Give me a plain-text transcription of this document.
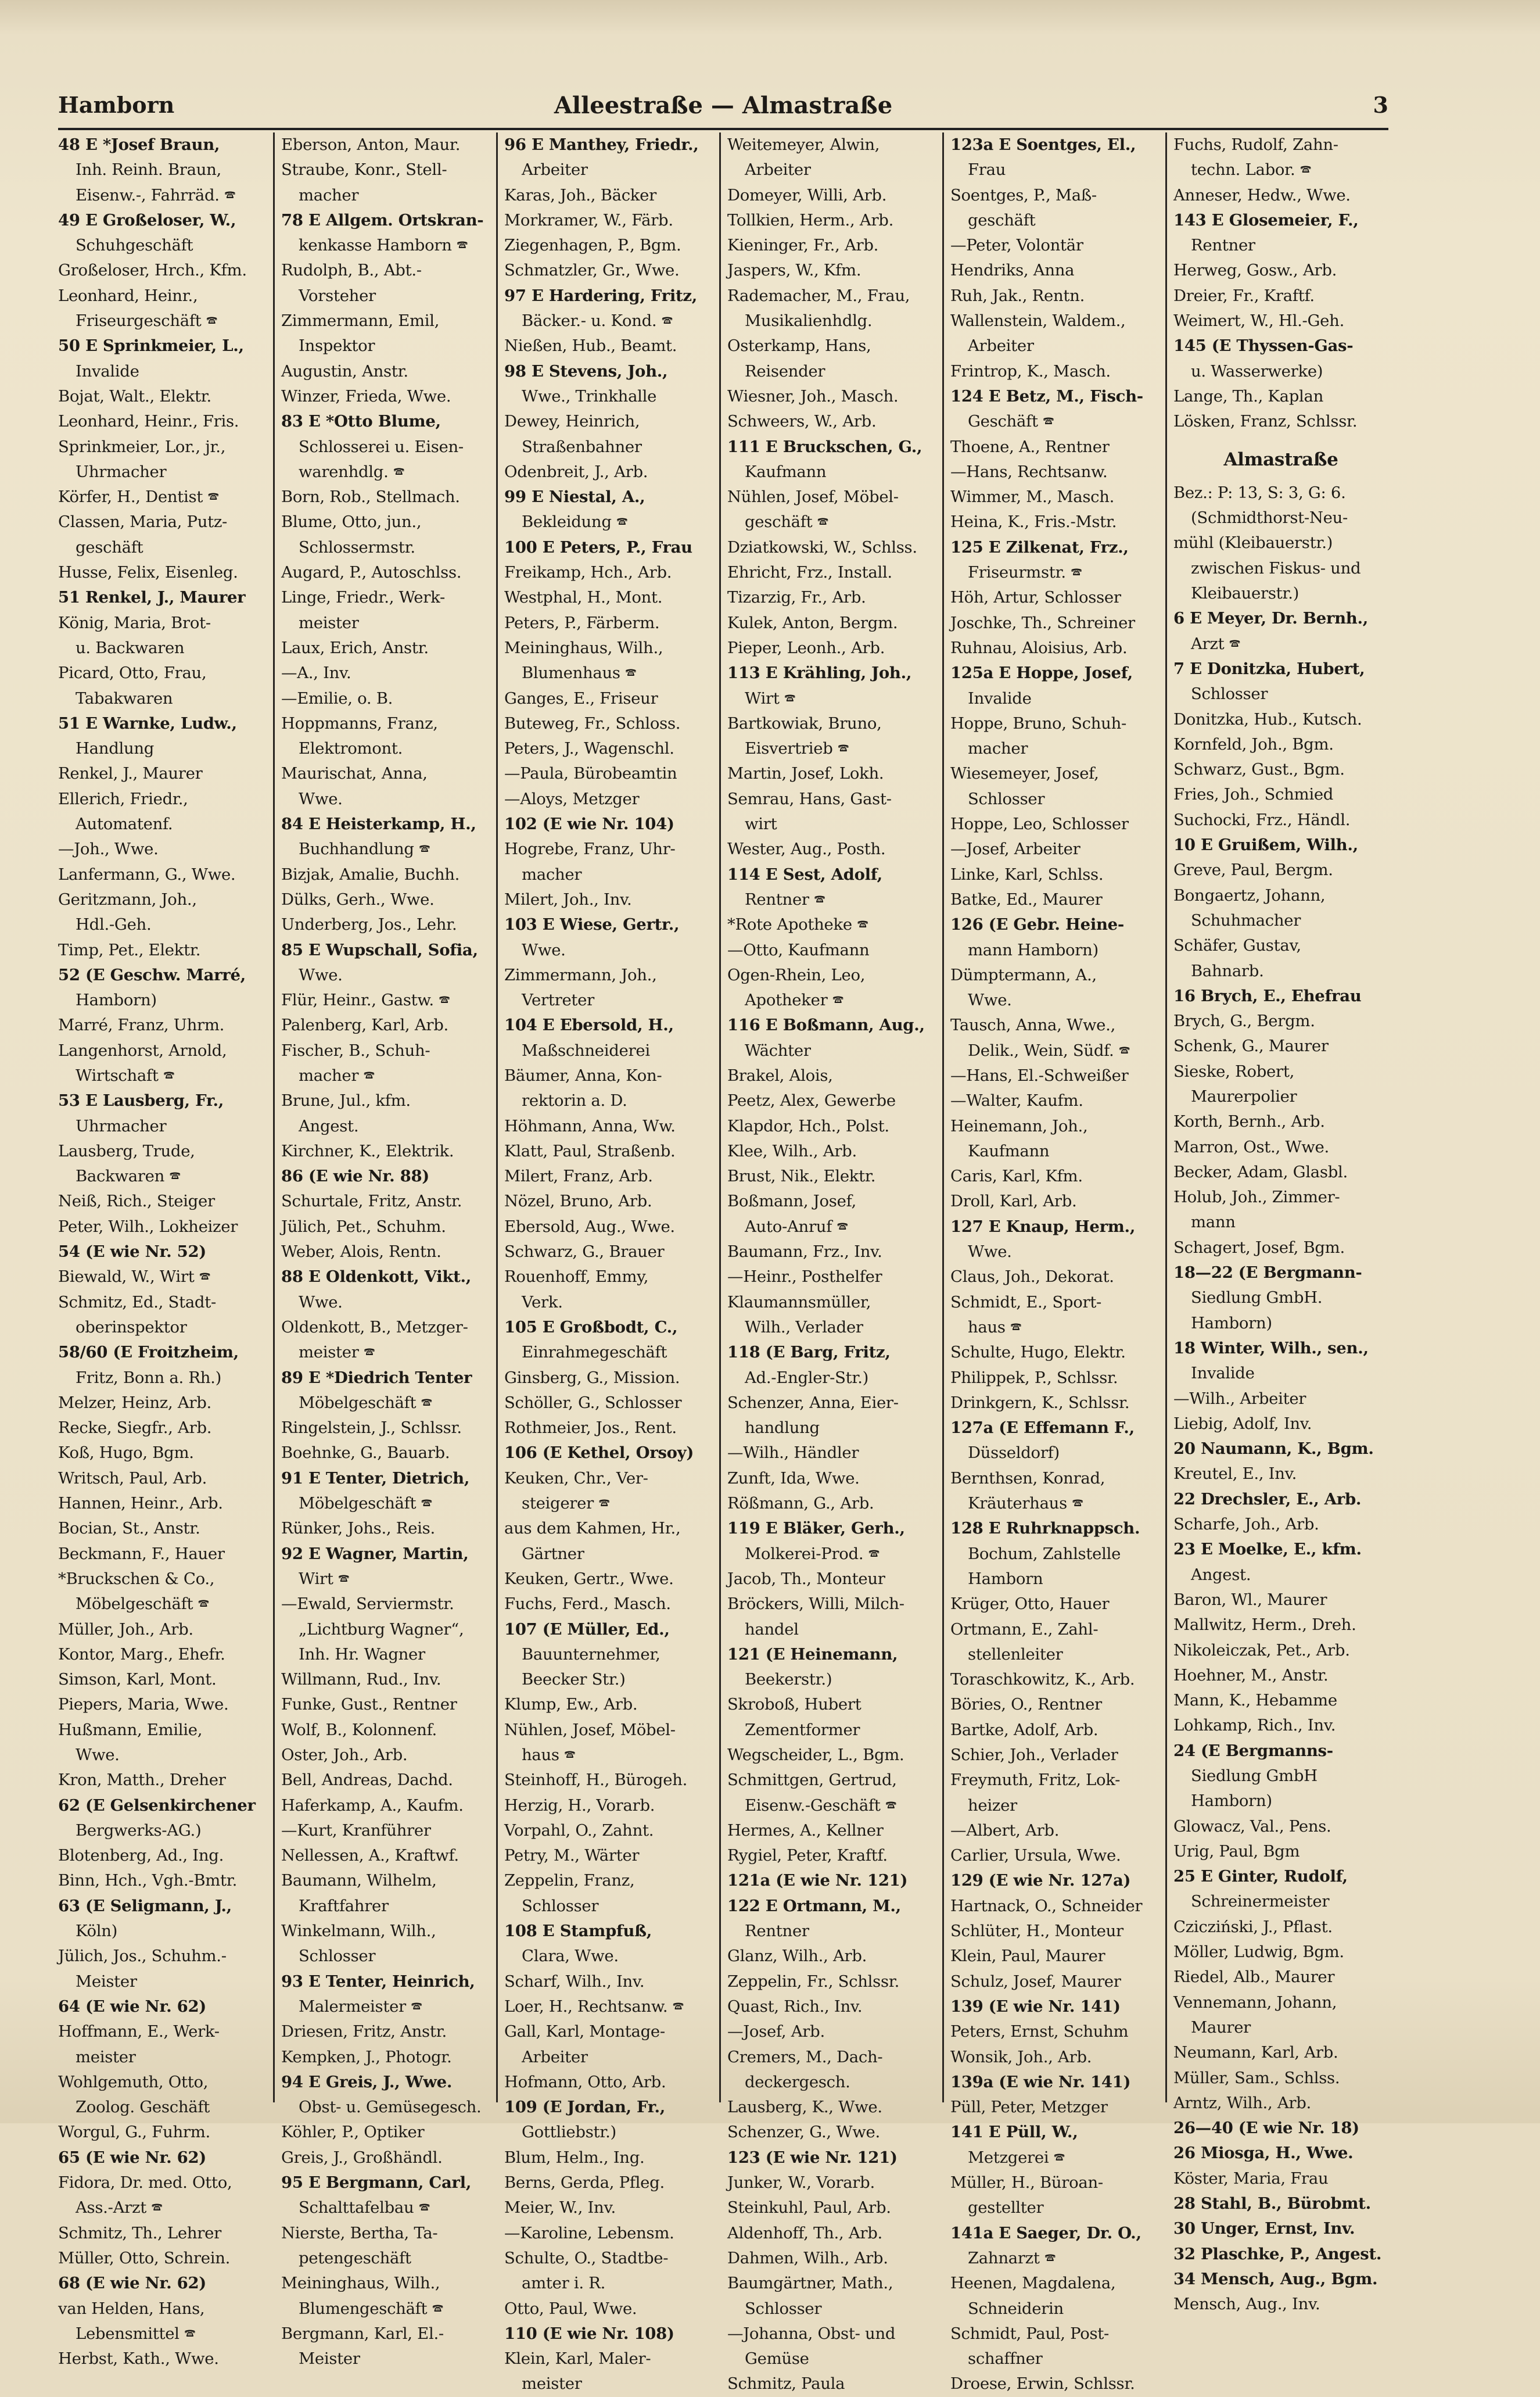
Hamborn	Alleestraße — Almastraße	3
48 E *Josef Braun,
Inh. Reinh. Braun,
Eisenw.-, Fahrräd. 🕿
49 E Großeloser, W.,
Schuhgeschäft
Großeloser, Hrch., Kfm.
Leonhard, Heinr.,
Friseurgeschäft 🕿
50 E Sprinkmeier, L.,
Invalide
Bojat, Walt., Elektr.
Leonhard, Heinr., Fris.
Sprinkmeier, Lor., jr.,
Uhrmacher
Körfer, H., Dentist 🕿
Classen, Maria, Putz-
geschäft
Husse, Felix, Eisenleg.
51 Renkel, J., Maurer
König, Maria, Brot-
u. Backwaren
Picard, Otto, Frau,
Tabakwaren
51 E Warnke, Ludw.,
Handlung
Renkel, J., Maurer
Ellerich, Friedr.,
Automatenf.
—Joh., Wwe.
Lanfermann, G., Wwe.
Geritzmann, Joh.,
Hdl.-Geh.
Timp, Pet., Elektr.
52 (E Geschw. Marré,
Hamborn)
Marré, Franz, Uhrm.
Langenhorst, Arnold,
Wirtschaft 🕿
53 E Lausberg, Fr.,
Uhrmacher
Lausberg, Trude,
Backwaren 🕿
Neiß, Rich., Steiger
Peter, Wilh., Lokheizer
54 (E wie Nr. 52)
Biewald, W., Wirt 🕿
Schmitz, Ed., Stadt-
oberinspektor
58/60 (E Froitzheim,
Fritz, Bonn a. Rh.)
Melzer, Heinz, Arb.
Recke, Siegfr., Arb.
Koß, Hugo, Bgm.
Writsch, Paul, Arb.
Hannen, Heinr., Arb.
Bocian, St., Anstr.
Beckmann, F., Hauer
*Bruckschen & Co.,
Möbelgeschäft 🕿
Müller, Joh., Arb.
Kontor, Marg., Ehefr.
Simson, Karl, Mont.
Piepers, Maria, Wwe.
Hußmann, Emilie,
Wwe.
Kron, Matth., Dreher
62 (E Gelsenkirchener
Bergwerks-AG.)
Blotenberg, Ad., Ing.
Binn, Hch., Vgh.-Bmtr.
63 (E Seligmann, J.,
Köln)
Jülich, Jos., Schuhm.-
Meister
64 (E wie Nr. 62)
Hoffmann, E., Werk-
meister
Wohlgemuth, Otto,
Zoolog. Geschäft
Worgul, G., Fuhrm.
65 (E wie Nr. 62)
Fidora, Dr. med. Otto,
Ass.-Arzt 🕿
Schmitz, Th., Lehrer
Müller, Otto, Schrein.
68 (E wie Nr. 62)
van Helden, Hans,
Lebensmittel 🕿
Herbst, Kath., Wwe.
Eberson, Anton, Maur.
Straube, Konr., Stell-
macher
78 E Allgem. Ortskran-
kenkasse Hamborn 🕿
Rudolph, B., Abt.-
Vorsteher
Zimmermann, Emil,
Inspektor
Augustin, Anstr.
Winzer, Frieda, Wwe.
83 E *Otto Blume,
Schlosserei u. Eisen-
warenhdlg. 🕿
Born, Rob., Stellmach.
Blume, Otto, jun.,
Schlossermstr.
Augard, P., Autoschlss.
Linge, Friedr., Werk-
meister
Laux, Erich, Anstr.
—A., Inv.
—Emilie, o. B.
Hoppmanns, Franz,
Elektromont.
Maurischat, Anna,
Wwe.
84 E Heisterkamp, H.,
Buchhandlung 🕿
Bizjak, Amalie, Buchh.
Dülks, Gerh., Wwe.
Underberg, Jos., Lehr.
85 E Wupschall, Sofia,
Wwe.
Flür, Heinr., Gastw. 🕿
Palenberg, Karl, Arb.
Fischer, B., Schuh-
macher 🕿
Brune, Jul., kfm.
Angest.
Kirchner, K., Elektrik.
86 (E wie Nr. 88)
Schurtale, Fritz, Anstr.
Jülich, Pet., Schuhm.
Weber, Alois, Rentn.
88 E Oldenkott, Vikt.,
Wwe.
Oldenkott, B., Metzger-
meister 🕿
89 E *Diedrich Tenter
Möbelgeschäft 🕿
Ringelstein, J., Schlssr.
Boehnke, G., Bauarb.
91 E Tenter, Dietrich,
Möbelgeschäft 🕿
Rünker, Johs., Reis.
92 E Wagner, Martin,
Wirt 🕿
—Ewald, Serviermstr.
„Lichtburg Wagner“,
Inh. Hr. Wagner
Willmann, Rud., Inv.
Funke, Gust., Rentner
Wolf, B., Kolonnenf.
Oster, Joh., Arb.
Bell, Andreas, Dachd.
Haferkamp, A., Kaufm.
—Kurt, Kranführer
Nellessen, A., Kraftwf.
Baumann, Wilhelm,
Kraftfahrer
Winkelmann, Wilh.,
Schlosser
93 E Tenter, Heinrich,
Malermeister 🕿
Driesen, Fritz, Anstr.
Kempken, J., Photogr.
94 E Greis, J., Wwe.
Obst- u. Gemüsegesch.
Köhler, P., Optiker
Greis, J., Großhändl.
95 E Bergmann, Carl,
Schalttafelbau 🕿
Nierste, Bertha, Ta-
petengeschäft
Meininghaus, Wilh.,
Blumengeschäft 🕿
Bergmann, Karl, El.-
Meister
96 E Manthey, Friedr.,
Arbeiter
Karas, Joh., Bäcker
Morkramer, W., Färb.
Ziegenhagen, P., Bgm.
Schmatzler, Gr., Wwe.
97 E Hardering, Fritz,
Bäcker.- u. Kond. 🕿
Nießen, Hub., Beamt.
98 E Stevens, Joh.,
Wwe., Trinkhalle
Dewey, Heinrich,
Straßenbahner
Odenbreit, J., Arb.
99 E Niestal, A.,
Bekleidung 🕿
100 E Peters, P., Frau
Freikamp, Hch., Arb.
Westphal, H., Mont.
Peters, P., Färberm.
Meininghaus, Wilh.,
Blumenhaus 🕿
Ganges, E., Friseur
Buteweg, Fr., Schloss.
Peters, J., Wagenschl.
—Paula, Bürobeamtin
—Aloys, Metzger
102 (E wie Nr. 104)
Hogrebe, Franz, Uhr-
macher
Milert, Joh., Inv.
103 E Wiese, Gertr.,
Wwe.
Zimmermann, Joh.,
Vertreter
104 E Ebersold, H.,
Maßschneiderei
Bäumer, Anna, Kon-
rektorin a. D.
Höhmann, Anna, Ww.
Klatt, Paul, Straßenb.
Milert, Franz, Arb.
Nözel, Bruno, Arb.
Ebersold, Aug., Wwe.
Schwarz, G., Brauer
Rouenhoff, Emmy,
Verk.
105 E Großbodt, C.,
Einrahmegeschäft
Ginsberg, G., Mission.
Schöller, G., Schlosser
Rothmeier, Jos., Rent.
106 (E Kethel, Orsoy)
Keuken, Chr., Ver-
steigerer 🕿
aus dem Kahmen, Hr.,
Gärtner
Keuken, Gertr., Wwe.
Fuchs, Ferd., Masch.
107 (E Müller, Ed.,
Bauunternehmer,
Beecker Str.)
Klump, Ew., Arb.
Nühlen, Josef, Möbel-
haus 🕿
Steinhoff, H., Bürogeh.
Herzig, H., Vorarb.
Vorpahl, O., Zahnt.
Petry, M., Wärter
Zeppelin, Franz,
Schlosser
108 E Stampfuß,
Clara, Wwe.
Scharf, Wilh., Inv.
Loer, H., Rechtsanw. 🕿
Gall, Karl, Montage-
Arbeiter
Hofmann, Otto, Arb.
109 (E Jordan, Fr.,
Gottliebstr.)
Blum, Helm., Ing.
Berns, Gerda, Pfleg.
Meier, W., Inv.
—Karoline, Lebensm.
Schulte, O., Stadtbe-
amter i. R.
Otto, Paul, Wwe.
110 (E wie Nr. 108)
Klein, Karl, Maler-
meister
Weitemeyer, Alwin,
Arbeiter
Domeyer, Willi, Arb.
Tollkien, Herm., Arb.
Kieninger, Fr., Arb.
Jaspers, W., Kfm.
Rademacher, M., Frau,
Musikalienhdlg.
Osterkamp, Hans,
Reisender
Wiesner, Joh., Masch.
Schweers, W., Arb.
111 E Bruckschen, G.,
Kaufmann
Nühlen, Josef, Möbel-
geschäft 🕿
Dziatkowski, W., Schlss.
Ehricht, Frz., Install.
Tizarzig, Fr., Arb.
Kulek, Anton, Bergm.
Pieper, Leonh., Arb.
113 E Krähling, Joh.,
Wirt 🕿
Bartkowiak, Bruno,
Eisvertrieb 🕿
Martin, Josef, Lokh.
Semrau, Hans, Gast-
wirt
Wester, Aug., Posth.
114 E Sest, Adolf,
Rentner 🕿
*Rote Apotheke 🕿
—Otto, Kaufmann
Ogen-Rhein, Leo,
Apotheker 🕿
116 E Boßmann, Aug.,
Wächter
Brakel, Alois,
Peetz, Alex, Gewerbe
Klapdor, Hch., Polst.
Klee, Wilh., Arb.
Brust, Nik., Elektr.
Boßmann, Josef,
Auto-Anruf 🕿
Baumann, Frz., Inv.
—Heinr., Posthelfer
Klaumannsmüller,
Wilh., Verlader
118 (E Barg, Fritz,
Ad.-Engler-Str.)
Schenzer, Anna, Eier-
handlung
—Wilh., Händler
Zunft, Ida, Wwe.
Rößmann, G., Arb.
119 E Bläker, Gerh.,
Molkerei-Prod. 🕿
Jacob, Th., Monteur
Bröckers, Willi, Milch-
handel
121 (E Heinemann,
Beekerstr.)
Skroboß, Hubert
Zementformer
Wegscheider, L., Bgm.
Schmittgen, Gertrud,
Eisenw.-Geschäft 🕿
Hermes, A., Kellner
Rygiel, Peter, Kraftf.
121a (E wie Nr. 121)
122 E Ortmann, M.,
Rentner
Glanz, Wilh., Arb.
Zeppelin, Fr., Schlssr.
Quast, Rich., Inv.
—Josef, Arb.
Cremers, M., Dach-
deckergesch.
Lausberg, K., Wwe.
Schenzer, G., Wwe.
123 (E wie Nr. 121)
Junker, W., Vorarb.
Steinkuhl, Paul, Arb.
Aldenhoff, Th., Arb.
Dahmen, Wilh., Arb.
Baumgärtner, Math.,
Schlosser
—Johanna, Obst- und
Gemüse
Schmitz, Paula
123a E Soentges, El.,
Frau
Soentges, P., Maß-
geschäft
—Peter, Volontär
Hendriks, Anna
Ruh, Jak., Rentn.
Wallenstein, Waldem.,
Arbeiter
Frintrop, K., Masch.
124 E Betz, M., Fisch-
Geschäft 🕿
Thoene, A., Rentner
—Hans, Rechtsanw.
Wimmer, M., Masch.
Heina, K., Fris.-Mstr.
125 E Zilkenat, Frz.,
Friseurmstr. 🕿
Höh, Artur, Schlosser
Joschke, Th., Schreiner
Ruhnau, Aloisius, Arb.
125a E Hoppe, Josef,
Invalide
Hoppe, Bruno, Schuh-
macher
Wiesemeyer, Josef,
Schlosser
Hoppe, Leo, Schlosser
—Josef, Arbeiter
Linke, Karl, Schlss.
Batke, Ed., Maurer
126 (E Gebr. Heine-
mann Hamborn)
Dümptermann, A.,
Wwe.
Tausch, Anna, Wwe.,
Delik., Wein, Südf. 🕿
—Hans, El.-Schweißer
—Walter, Kaufm.
Heinemann, Joh.,
Kaufmann
Caris, Karl, Kfm.
Droll, Karl, Arb.
127 E Knaup, Herm.,
Wwe.
Claus, Joh., Dekorat.
Schmidt, E., Sport-
haus 🕿
Schulte, Hugo, Elektr.
Philippek, P., Schlssr.
Drinkgern, K., Schlssr.
127a (E Effemann F.,
Düsseldorf)
Bernthsen, Konrad,
Kräuterhaus 🕿
128 E Ruhrknappsch.
Bochum, Zahlstelle
Hamborn
Krüger, Otto, Hauer
Ortmann, E., Zahl-
stellenleiter
Toraschkowitz, K., Arb.
Böries, O., Rentner
Bartke, Adolf, Arb.
Schier, Joh., Verlader
Freymuth, Fritz, Lok-
heizer
—Albert, Arb.
Carlier, Ursula, Wwe.
129 (E wie Nr. 127a)
Hartnack, O., Schneider
Schlüter, H., Monteur
Klein, Paul, Maurer
Schulz, Josef, Maurer
139 (E wie Nr. 141)
Peters, Ernst, Schuhm
Wonsik, Joh., Arb.
139a (E wie Nr. 141)
Püll, Peter, Metzger
141 E Püll, W.,
Metzgerei 🕿
Müller, H., Büroan-
gestellter
141a E Saeger, Dr. O.,
Zahnarzt 🕿
Heenen, Magdalena,
Schneiderin
Schmidt, Paul, Post-
schaffner
Droese, Erwin, Schlssr.
Fuchs, Rudolf, Zahn-
techn. Labor. 🕿
Anneser, Hedw., Wwe.
143 E Glosemeier, F.,
Rentner
Herweg, Gosw., Arb.
Dreier, Fr., Kraftf.
Weimert, W., Hl.-Geh.
145 (E Thyssen-Gas-
u. Wasserwerke)
Lange, Th., Kaplan
Lösken, Franz, Schlssr.
Almastraße
Bez.: P: 13, S: 3, G: 6.
(Schmidthorst-Neu-
mühl (Kleibauerstr.)
zwischen Fiskus- und
Kleibauerstr.)
6 E Meyer, Dr. Bernh.,
Arzt 🕿
7 E Donitzka, Hubert,
Schlosser
Donitzka, Hub., Kutsch.
Kornfeld, Joh., Bgm.
Schwarz, Gust., Bgm.
Fries, Joh., Schmied
Suchocki, Frz., Händl.
10 E Gruißem, Wilh.,
Greve, Paul, Bergm.
Bongaertz, Johann,
Schuhmacher
Schäfer, Gustav,
Bahnarb.
16 Brych, E., Ehefrau
Brych, G., Bergm.
Schenk, G., Maurer
Sieske, Robert,
Maurerpolier
Korth, Bernh., Arb.
Marron, Ost., Wwe.
Becker, Adam, Glasbl.
Holub, Joh., Zimmer-
mann
Schagert, Josef, Bgm.
18—22 (E Bergmann-
Siedlung GmbH.
Hamborn)
18 Winter, Wilh., sen.,
Invalide
—Wilh., Arbeiter
Liebig, Adolf, Inv.
20 Naumann, K., Bgm.
Kreutel, E., Inv.
22 Drechsler, E., Arb.
Scharfe, Joh., Arb.
23 E Moelke, E., kfm.
Angest.
Baron, Wl., Maurer
Mallwitz, Herm., Dreh.
Nikoleiczak, Pet., Arb.
Hoehner, M., Anstr.
Mann, K., Hebamme
Lohkamp, Rich., Inv.
24 (E Bergmanns-
Siedlung GmbH
Hamborn)
Glowacz, Val., Pens.
Urig, Paul, Bgm
25 E Ginter, Rudolf,
Schreinermeister
Czicziński, J., Pflast.
Möller, Ludwig, Bgm.
Riedel, Alb., Maurer
Vennemann, Johann,
Maurer
Neumann, Karl, Arb.
Müller, Sam., Schlss.
Arntz, Wilh., Arb.
26—40 (E wie Nr. 18)
26 Miosga, H., Wwe.
Köster, Maria, Frau
28 Stahl, B., Bürobmt.
30 Unger, Ernst, Inv.
32 Plaschke, P., Angest.
34 Mensch, Aug., Bgm.
Mensch, Aug., Inv.
